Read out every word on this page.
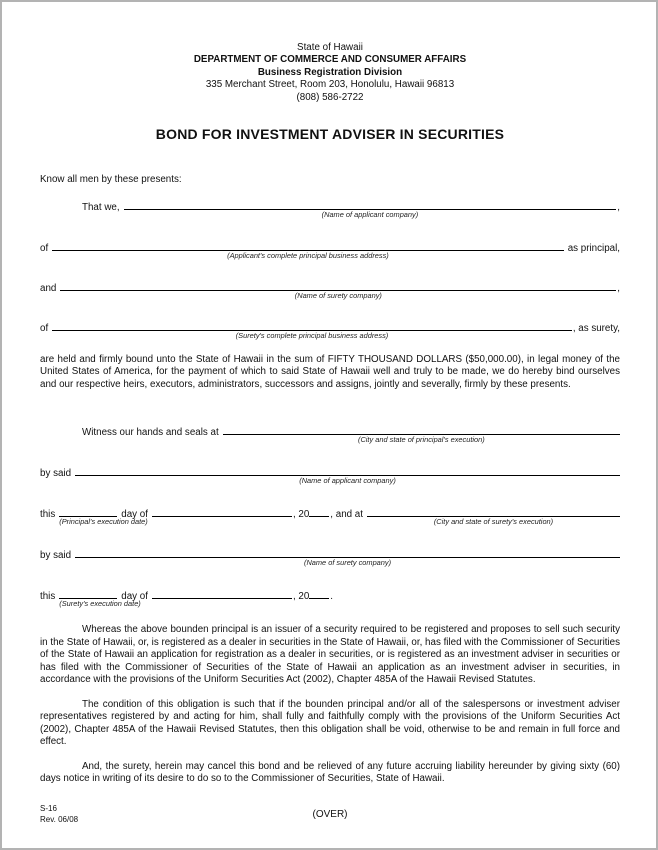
State of Hawaii
DEPARTMENT OF COMMERCE AND CONSUMER AFFAIRS
Business Registration Division
335 Merchant Street, Room 203, Honolulu, Hawaii 96813
(808) 586-2722
BOND FOR INVESTMENT ADVISER IN SECURITIES
Know all men by these presents:
That we,
(Name of applicant company)
,
of
(Applicant's complete principal business address)
as principal,
and
(Name of surety company)
,
of
(Surety's complete principal business address)
, as surety,
are held and firmly bound unto the State of Hawaii in the sum of FIFTY THOUSAND DOLLARS ($50,000.00), in legal money of the United States of America, for the payment of which to said State of Hawaii well and truly to be made, we do hereby bind ourselves and our respective heirs, executors, administrators, successors and assigns, jointly and severally, firmly by these presents.
Witness our hands and seals at
(City and state of principal's execution)
by said
(Name of applicant company)
this
(Principal's execution date)
day of	, 20 , and at
(City and state of surety's execution)
by said
(Name of surety company)
this
(Surety's execution date)
day of	, 20 .
Whereas the above bounden principal is an issuer of a security required to be registered and proposes to sell such security in the State of Hawaii, or, is registered as a dealer in securities in the State of Hawaii, or, has filed with the Commissioner of Securities of the State of Hawaii an application for registration as a dealer in securities, or is registered as an investment adviser in securities or has filed with the Commissioner of Securities of the State of Hawaii an application as an investment adviser in securities, in accordance with the provisions of the Uniform Securities Act (2002), Chapter 485A of the Hawaii Revised Statutes.
The condition of this obligation is such that if the bounden principal and/or all of the salespersons or investment adviser representatives registered by and acting for him, shall fully and faithfully comply with the provisions of the Uniform Securities Act (2002), Chapter 485A of the Hawaii Revised Statutes, then this obligation shall be void, otherwise to be and remain in full force and effect.
And, the surety, herein may cancel this bond and be relieved of any future accruing liability hereunder by giving sixty (60) days notice in writing of its desire to do so to the Commissioner of Securities, State of Hawaii.
S-16
Rev. 06/08	(OVER)
